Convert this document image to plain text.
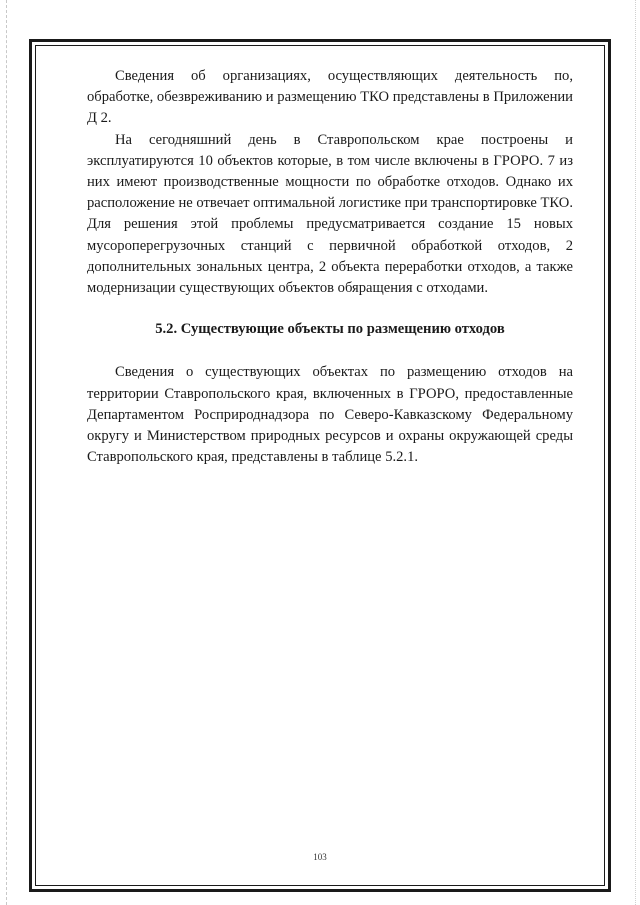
Сведения об организациях, осуществляющих деятельность по, обработке, обезвреживанию и размещению ТКО представлены в Приложении Д 2.

На сегодняшний день в Ставропольском крае построены и эксплуатируются 10 объектов которые, в том числе включены в ГРОРО. 7 из них имеют производственные мощности по обработке отходов. Однако их расположение не отвечает оптимальной логистике при транспортировке ТКО. Для решения этой проблемы предусматривается создание 15 новых мусороперегрузочных станций с первичной обработкой отходов, 2 дополнительных зональных центра, 2 объекта переработки отходов, а также модернизации существующих объектов обяращения с отходами.

5.2. Существующие объекты по размещению отходов

Сведения о существующих объектах по размещению отходов на территории Ставропольского края, включенных в ГРОРО, предоставленные Департаментом Росприроднадзора по Северо-Кавказскому Федеральному округу и Министерством природных ресурсов и охраны окружающей среды Ставропольского края, представлены в таблице 5.2.1.

103
